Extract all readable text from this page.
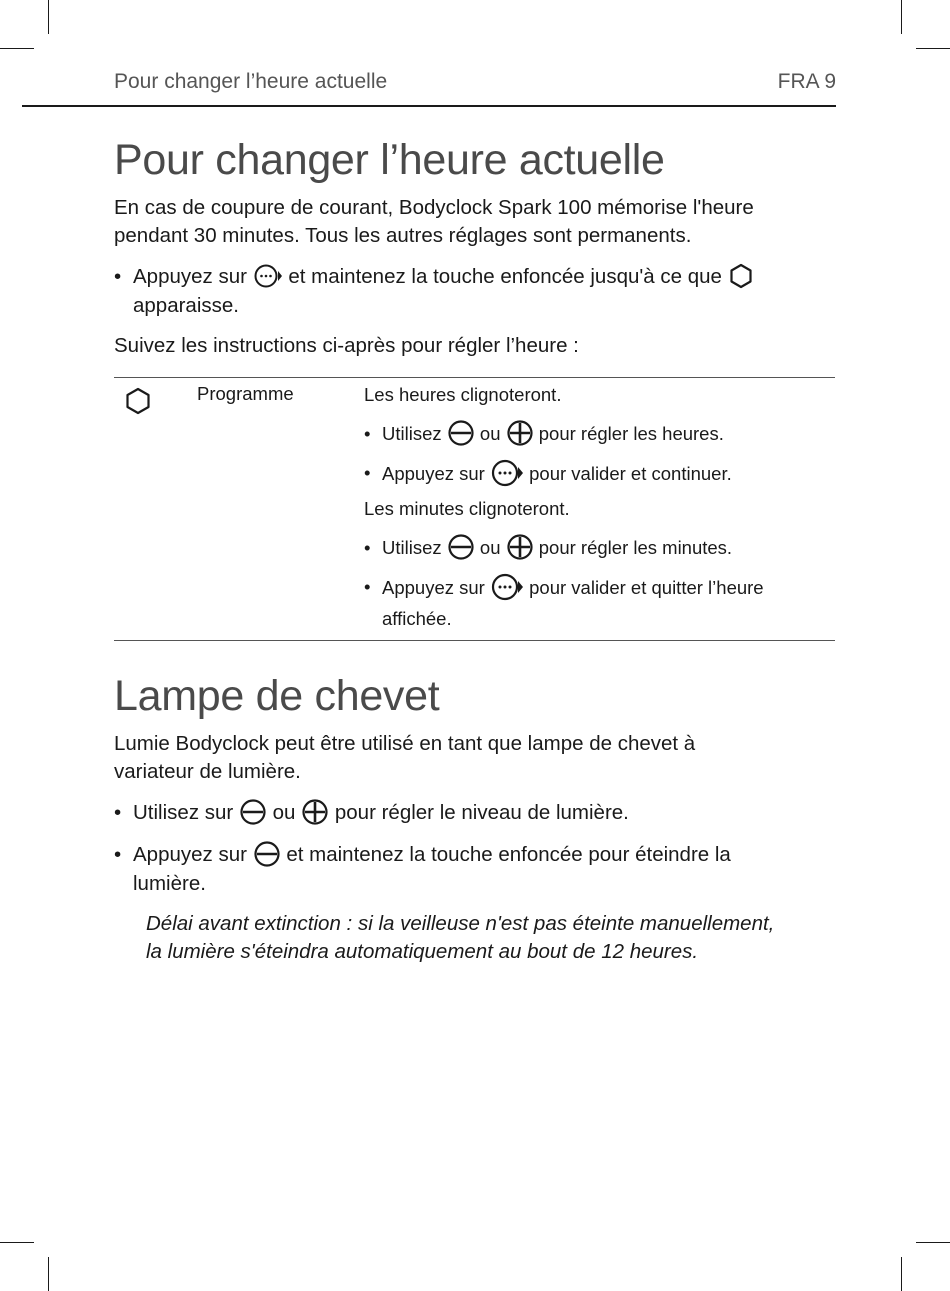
Pour changer l’heure actuelle	FRA 9
Pour changer l’heure actuelle

En cas de coupure de courant, Bodyclock Spark 100 mémorise l'heure
pendant 30 minutes. Tous les autres réglages sont permanents.

• Appuyez sur et maintenez la touche enfoncée jusqu'à ce que
apparaisse.

Suivez les instructions ci-après pour régler l’heure :

Programme	Les heures clignoteront.
• Utilisez ou pour régler les heures.
• Appuyez sur pour valider et continuer.
Les minutes clignoteront.
• Utilisez ou pour régler les minutes.
• Appuyez sur pour valider et quitter l’heure
affichée.
Lampe de chevet

Lumie Bodyclock peut être utilisé en tant que lampe de chevet à
variateur de lumière.

• Utilisez sur ou pour régler le niveau de lumière.
• Appuyez sur et maintenez la touche enfoncée pour éteindre la
lumière.
Délai avant extinction : si la veilleuse n'est pas éteinte manuellement,
la lumière s'éteindra automatiquement au bout de 12 heures.
